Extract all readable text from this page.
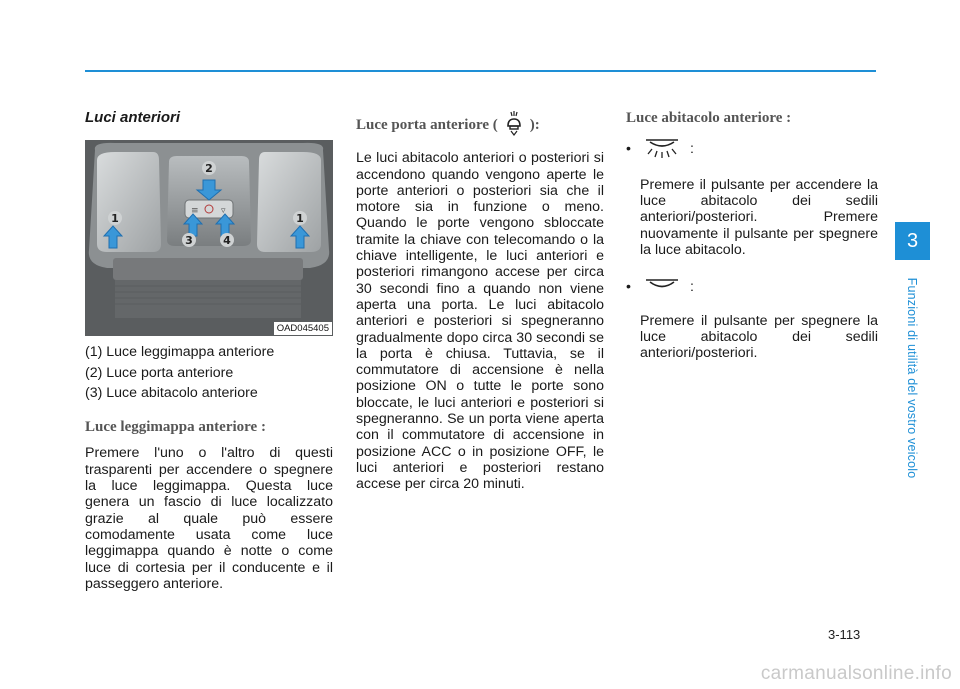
Luci anteriori

≡ ▿
2
1	1
3	4
OAD045405
(1) Luce leggimappa anteriore
(2) Luce porta anteriore
(3) Luce abitacolo anteriore

Luce leggimappa anteriore :

Premere l'uno o l'altro di questi trasparenti per accendere o spegnere la luce leggimappa. Questa luce genera un fascio di luce localizzato grazie al quale può essere comodamente usata come luce leggimappa quando è notte o come luce di cortesia per il conducente e il passeggero anteriore.

Luce porta anteriore ( ):

Le luci abitacolo anteriori o posteriori si accendono quando vengono aperte le porte anteriori o posteriori sia che il motore sia in funzione o meno. Quando le porte vengono sbloccate tramite la chiave con telecomando o la chiave intelligente, le luci anteriori e posteriori rimangono accese per circa 30 secondi fino a quando non viene aperta una porta. Le luci abitacolo anteriori e posteriori si spegneranno gradualmente dopo circa 30 secondi se la porta è chiusa. Tuttavia, se il commutatore di accensione è nella posizione ON o tutte le porte sono bloccate, le luci anteriori e posteriori si spegneranno. Se un porta viene aperta con il commutatore di accensione in posizione ACC o in posizione OFF, le luci anteriori e posteriori restano accese per circa 20 minuti.

Luce abitacolo anteriore :

•	:

Premere il pulsante per accendere la luce abitacolo dei sedili anteriori/posteriori. Premere nuovamente il pulsante per spegnere la luce abitacolo.

•	:

Premere il pulsante per spegnere la luce abitacolo dei sedili anteriori/posteriori.

3
Funzioni di utilità del vostro veicolo
3-113
carmanualsonline.info
